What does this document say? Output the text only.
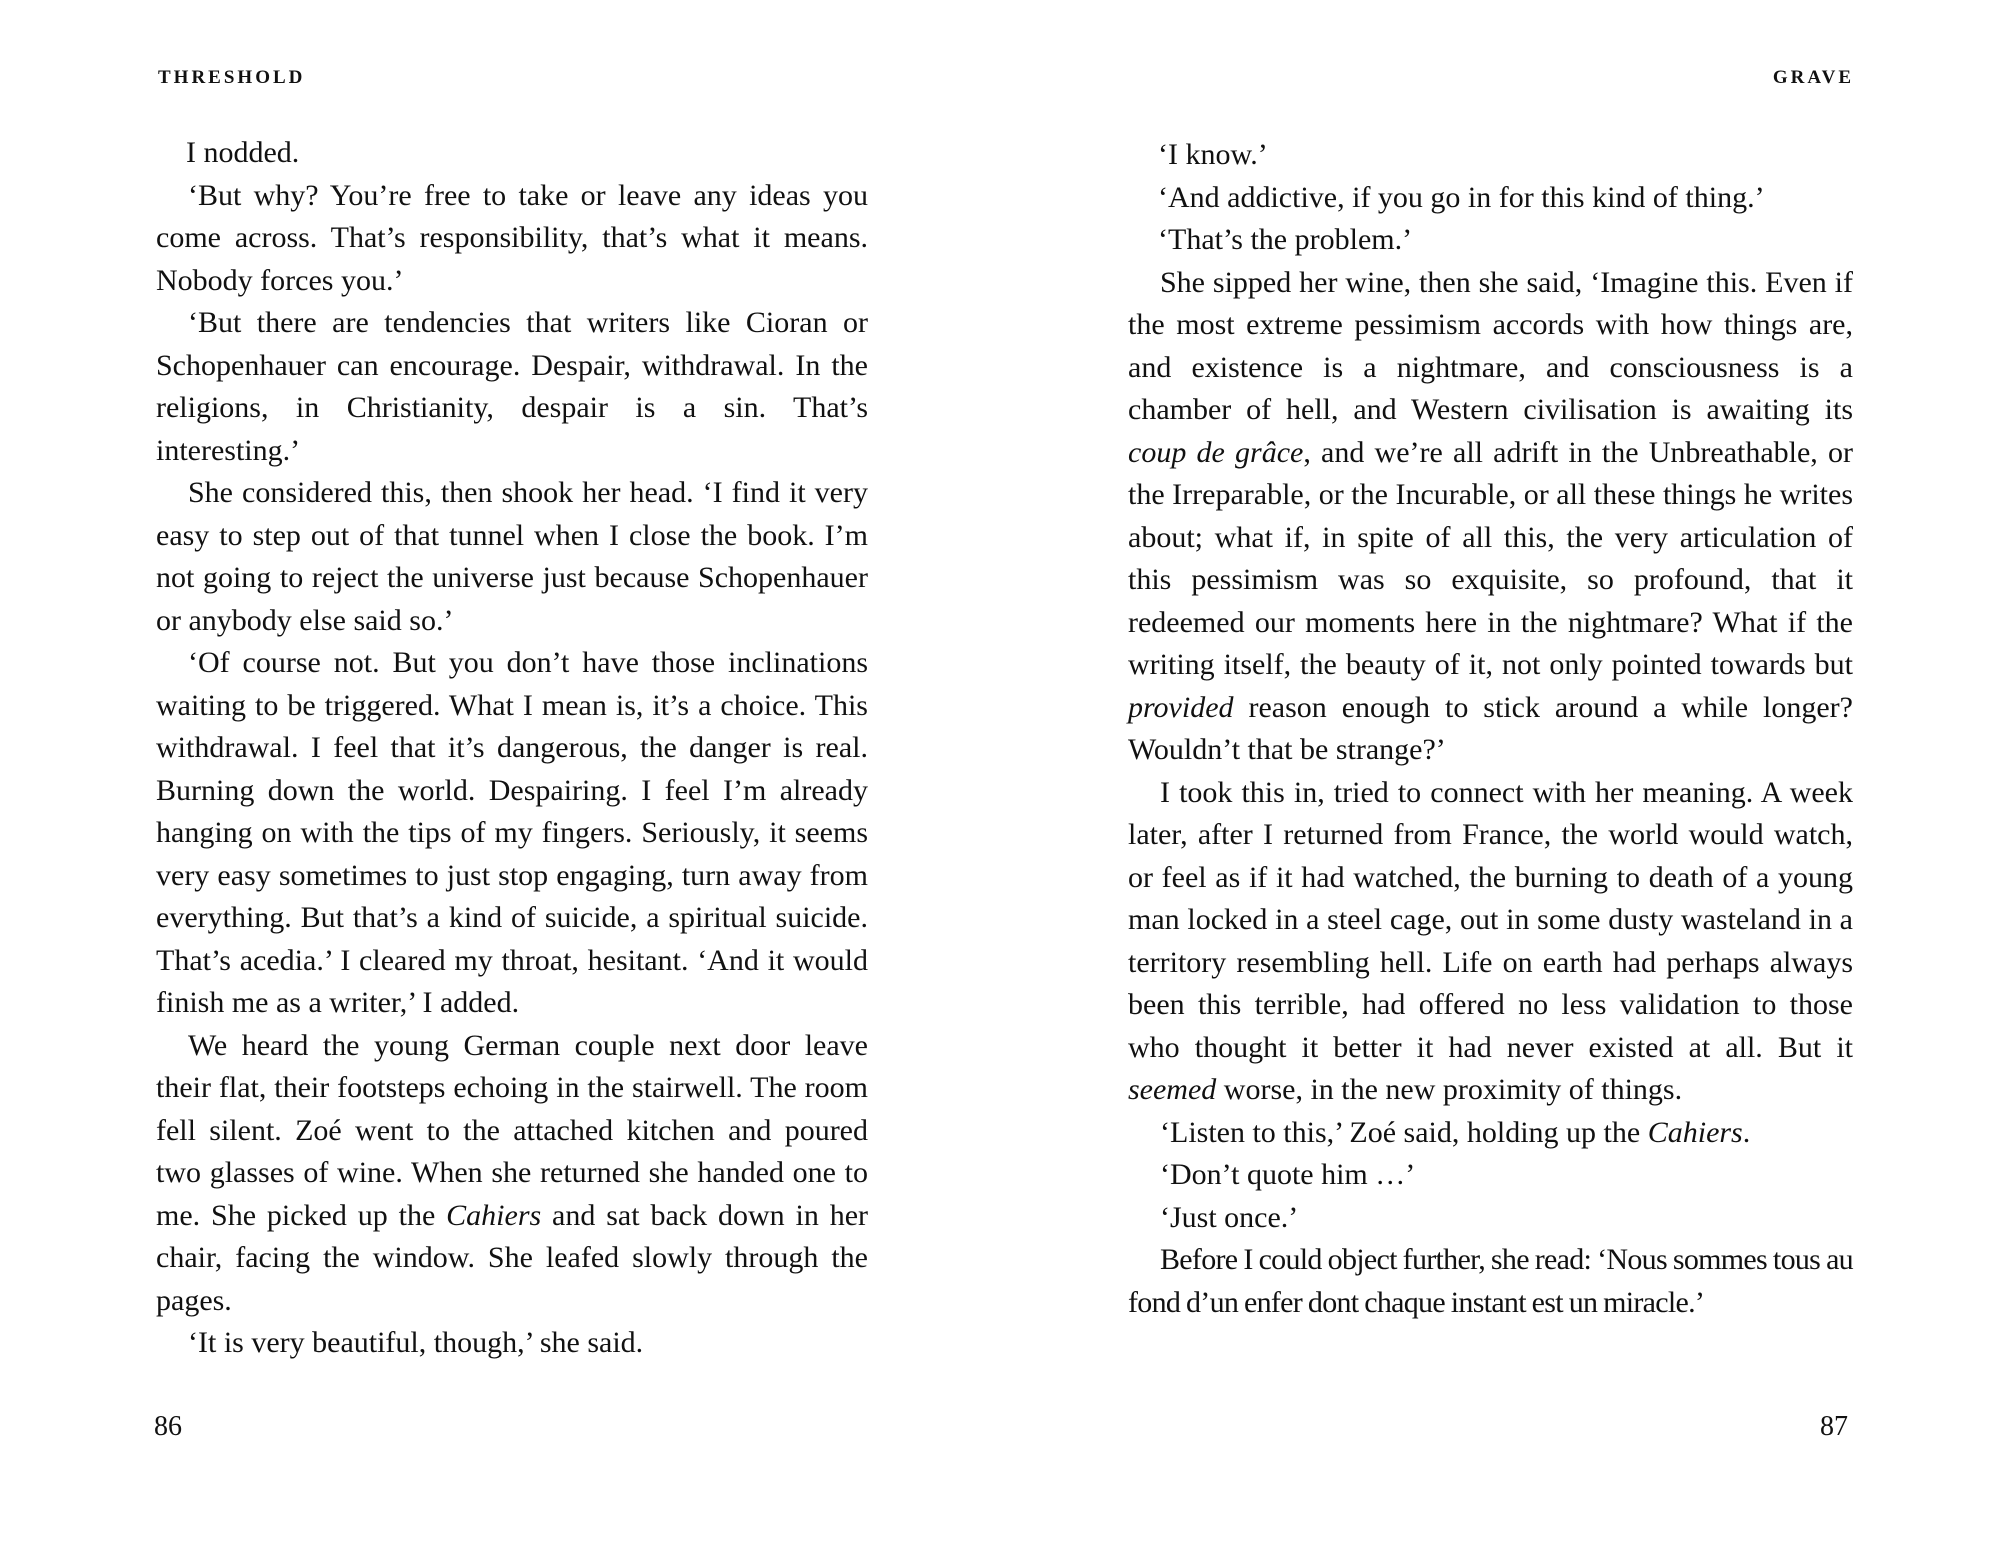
THRESHOLD

I nodded.

‘But why? You’re free to take or leave any ideas you come across. That’s responsibility, that’s what it means. Nobody forces you.’

‘But there are tendencies that writers like Cioran or Schopenhauer can encourage. Despair, withdrawal. In the religions, in Christianity, despair is a sin. That’s interesting.’

She considered this, then shook her head. ‘I find it very easy to step out of that tunnel when I close the book. I’m not going to reject the universe just because Schopenhauer or anybody else said so.’

‘Of course not. But you don’t have those inclinations waiting to be triggered. What I mean is, it’s a choice. This withdrawal. I feel that it’s dangerous, the danger is real. Burning down the world. Despairing. I feel I’m already hanging on with the tips of my fingers. Seriously, it seems very easy sometimes to just stop engaging, turn away from everything. But that’s a kind of suicide, a spiritual suicide. That’s acedia.’ I cleared my throat, hesitant. ‘And it would finish me as a writer,’ I added.

We heard the young German couple next door leave their flat, their footsteps echoing in the stairwell. The room fell silent. Zoé went to the attached kitchen and poured two glasses of wine. When she returned she handed one to me. She picked up the Cahiers and sat back down in her chair, facing the window. She leafed slowly through the pages.

‘It is very beautiful, though,’ she said.

86
GRAVE

‘I know.’

‘And addictive, if you go in for this kind of thing.’

‘That’s the problem.’

She sipped her wine, then she said, ‘Imagine this. Even if the most extreme pessimism accords with how things are, and existence is a nightmare, and consciousness is a chamber of hell, and Western civilisation is awaiting its coup de grâce, and we’re all adrift in the Unbreathable, or the Irreparable, or the Incurable, or all these things he writes about; what if, in spite of all this, the very articulation of this pessimism was so exquisite, so profound, that it redeemed our moments here in the nightmare? What if the writing itself, the beauty of it, not only pointed towards but provided reason enough to stick around a while longer? Wouldn’t that be strange?’

I took this in, tried to connect with her meaning. A week later, after I returned from France, the world would watch, or feel as if it had watched, the burning to death of a young man locked in a steel cage, out in some dusty wasteland in a territory resembling hell. Life on earth had perhaps always been this terrible, had offered no less validation to those who thought it better it had never existed at all. But it seemed worse, in the new proximity of things.

‘Listen to this,’ Zoé said, holding up the Cahiers.

‘Don’t quote him …’

‘Just once.’

Before I could object further, she read: ‘Nous sommes tous au fond d’un enfer dont chaque instant est un miracle.’

87
